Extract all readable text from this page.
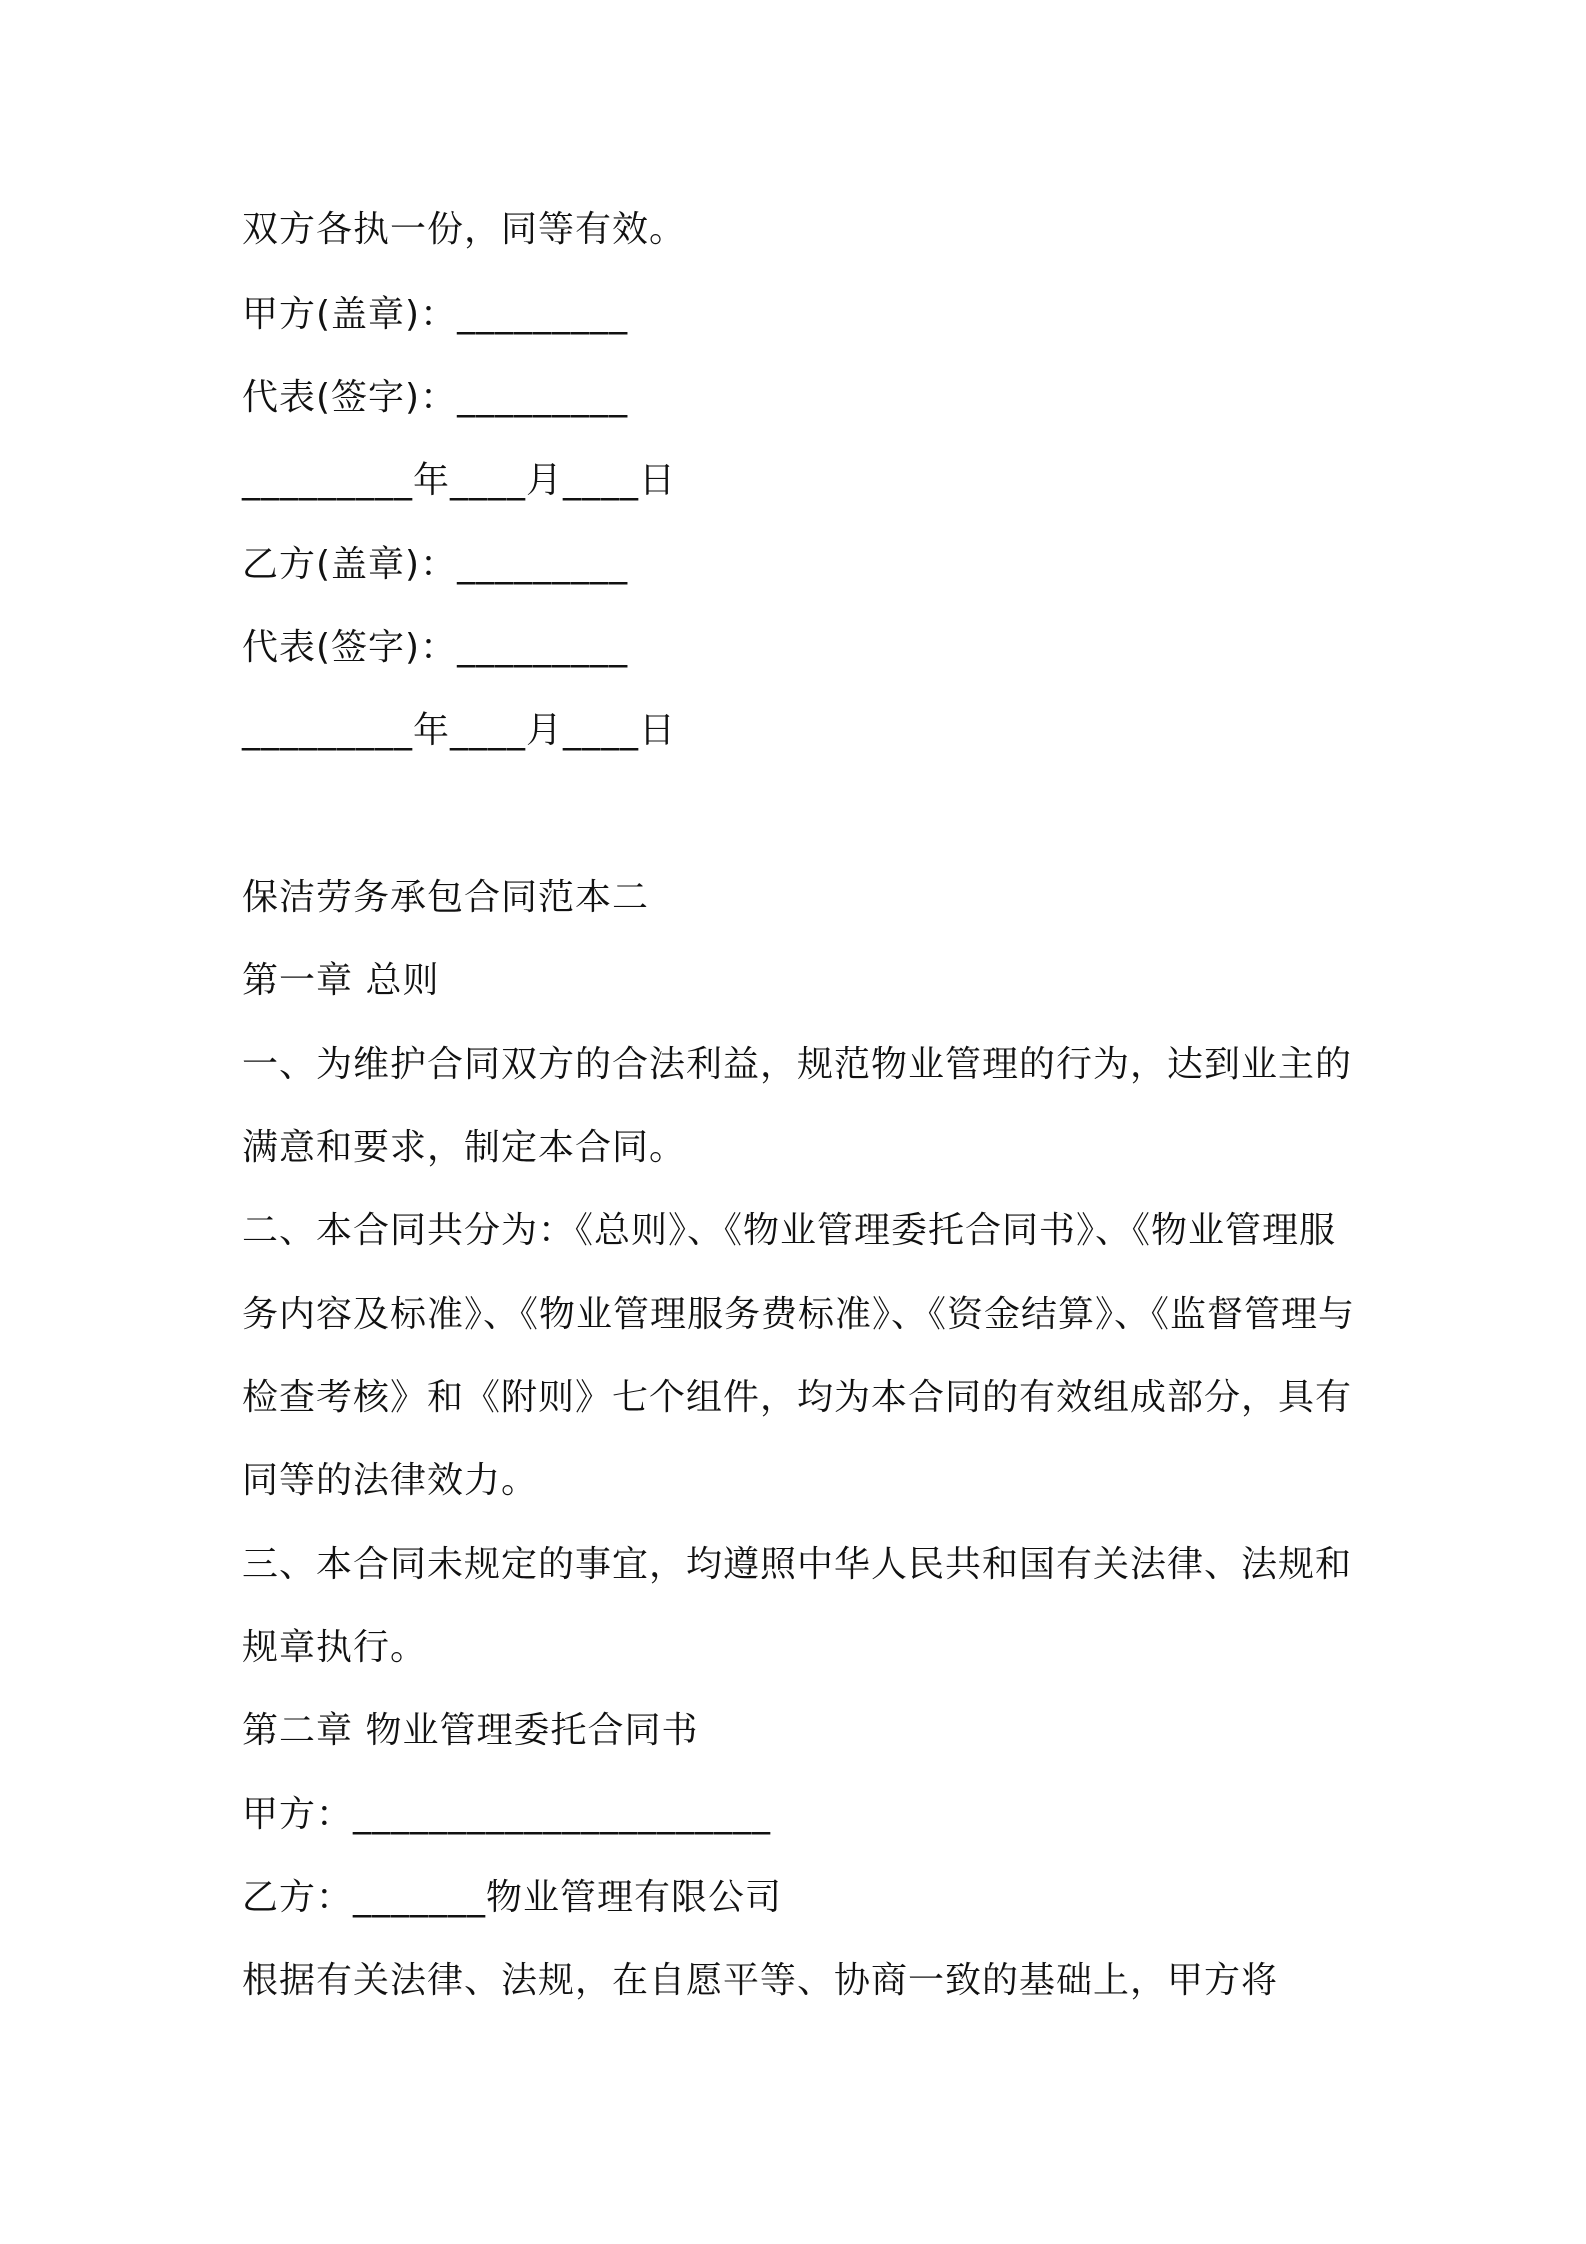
双方各执一份，同等有效。
甲方(盖章)：_________
代表(签字)：_________
_________年____月____日
乙方(盖章)：_________
代表(签字)：_________
_________年____月____日
保洁劳务承包合同范本二
第一章 总则
一、为维护合同双方的合法利益，规范物业管理的行为，达到业主的
满意和要求，制定本合同。
二、本合同共分为：《总则》、《物业管理委托合同书》、《物业管理服
务内容及标准》、《物业管理服务费标准》、《资金结算》、《监督管理与
检查考核》和《附则》七个组件，均为本合同的有效组成部分，具有
同等的法律效力。
三、本合同未规定的事宜，均遵照中华人民共和国有关法律、法规和
规章执行。
第二章 物业管理委托合同书
甲方：______________________
乙方：_______物业管理有限公司
根据有关法律、法规，在自愿平等、协商一致的基础上，甲方将
